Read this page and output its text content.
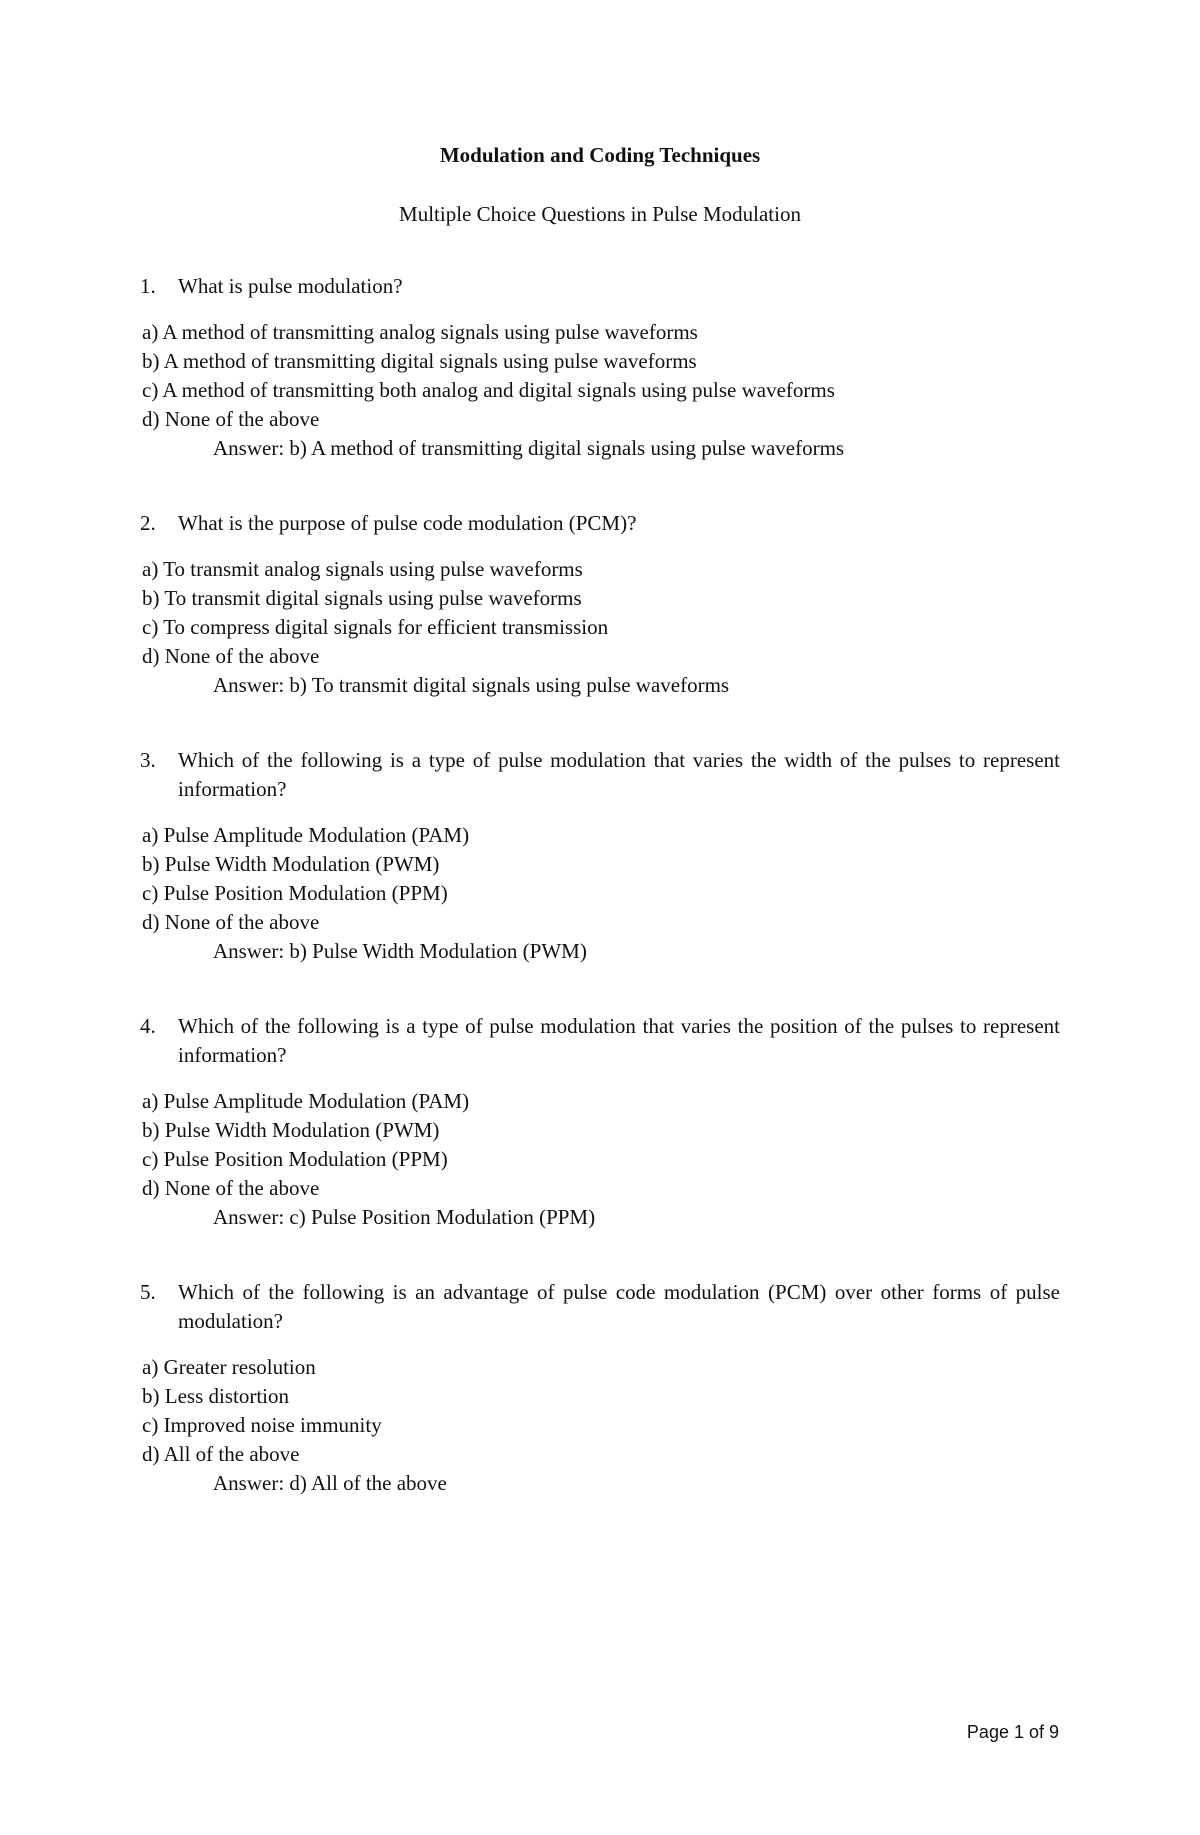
Modulation and Coding Techniques
Multiple Choice Questions in Pulse Modulation
1.	What is pulse modulation?
a) A method of transmitting analog signals using pulse waveforms
b) A method of transmitting digital signals using pulse waveforms
c) A method of transmitting both analog and digital signals using pulse waveforms
d) None of the above
Answer: b) A method of transmitting digital signals using pulse waveforms
2.	What is the purpose of pulse code modulation (PCM)?
a) To transmit analog signals using pulse waveforms
b) To transmit digital signals using pulse waveforms
c) To compress digital signals for efficient transmission
d) None of the above
Answer: b) To transmit digital signals using pulse waveforms
3.	Which of the following is a type of pulse modulation that varies the width of the pulses to represent information?
a) Pulse Amplitude Modulation (PAM)
b) Pulse Width Modulation (PWM)
c) Pulse Position Modulation (PPM)
d) None of the above
Answer: b) Pulse Width Modulation (PWM)
4.	Which of the following is a type of pulse modulation that varies the position of the pulses to represent information?
a) Pulse Amplitude Modulation (PAM)
b) Pulse Width Modulation (PWM)
c) Pulse Position Modulation (PPM)
d) None of the above
Answer: c) Pulse Position Modulation (PPM)
5.	Which of the following is an advantage of pulse code modulation (PCM) over other forms of pulse modulation?
a) Greater resolution
b) Less distortion
c) Improved noise immunity
d) All of the above
Answer: d) All of the above
Page 1 of 9
